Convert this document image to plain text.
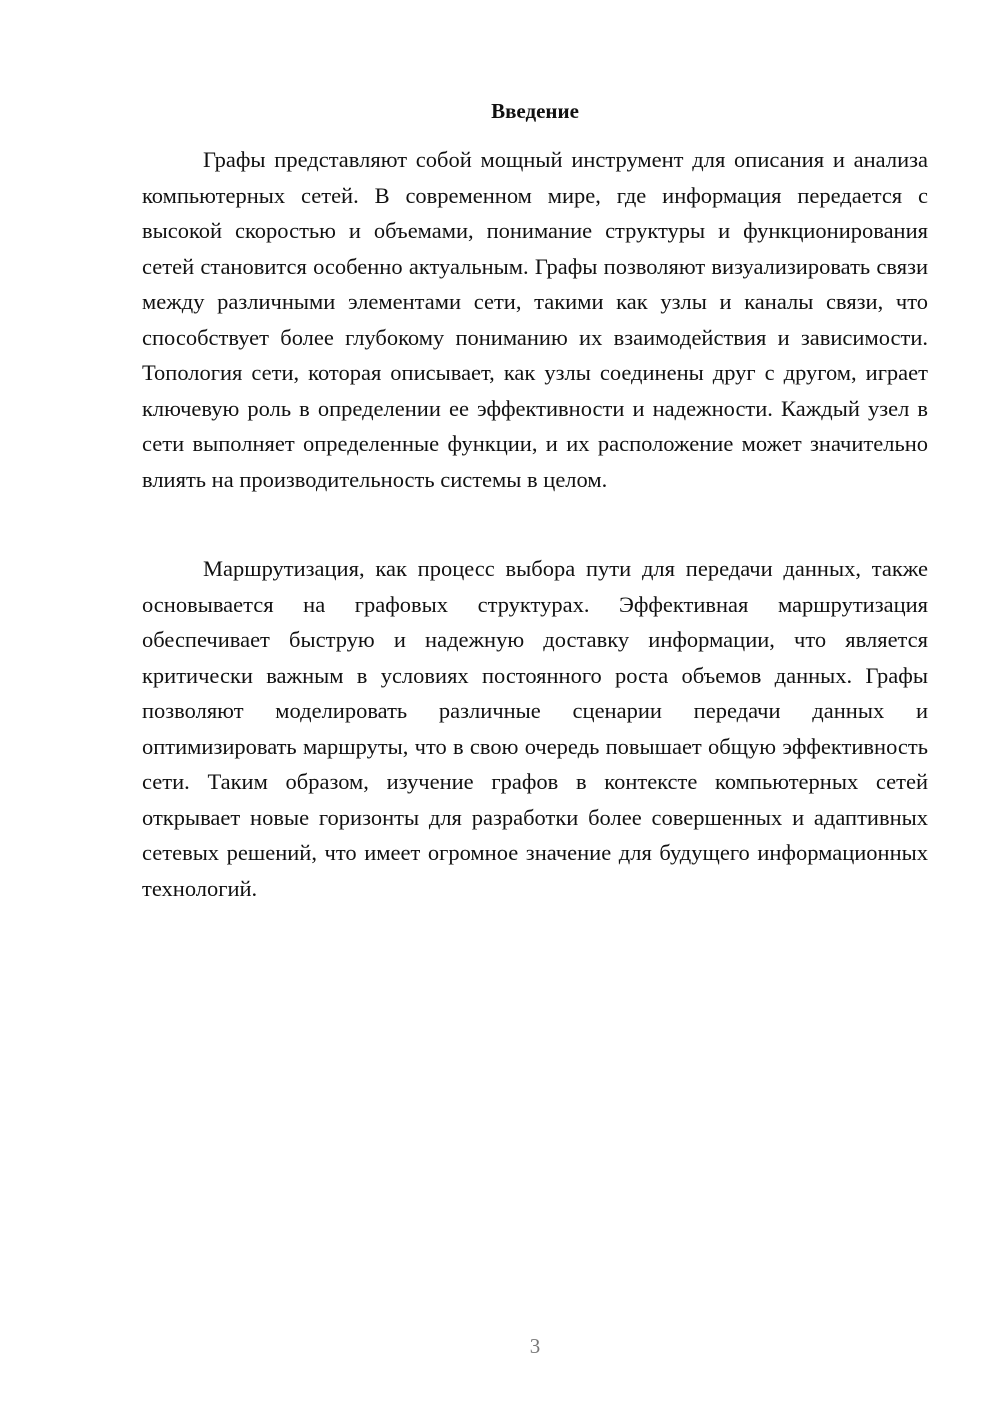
Введение

Графы представляют собой мощный инструмент для описания и анализа компьютерных сетей. В современном мире, где информация передается с высокой скоростью и объемами, понимание структуры и функционирования сетей становится особенно актуальным. Графы позволяют визуализировать связи между различными элементами сети, такими как узлы и каналы связи, что способствует более глубокому пониманию их взаимодействия и зависимости. Топология сети, которая описывает, как узлы соединены друг с другом, играет ключевую роль в определении ее эффективности и надежности. Каждый узел в сети выполняет определенные функции, и их расположение может значительно влиять на производительность системы в целом.

Маршрутизация, как процесс выбора пути для передачи данных, также основывается на графовых структурах. Эффективная маршрутизация обеспечивает быструю и надежную доставку информации, что является критически важным в условиях постоянного роста объемов данных. Графы позволяют моделировать различные сценарии передачи данных и оптимизировать маршруты, что в свою очередь повышает общую эффективность сети. Таким образом, изучение графов в контексте компьютерных сетей открывает новые горизонты для разработки более совершенных и адаптивных сетевых решений, что имеет огромное значение для будущего информационных технологий.

3
